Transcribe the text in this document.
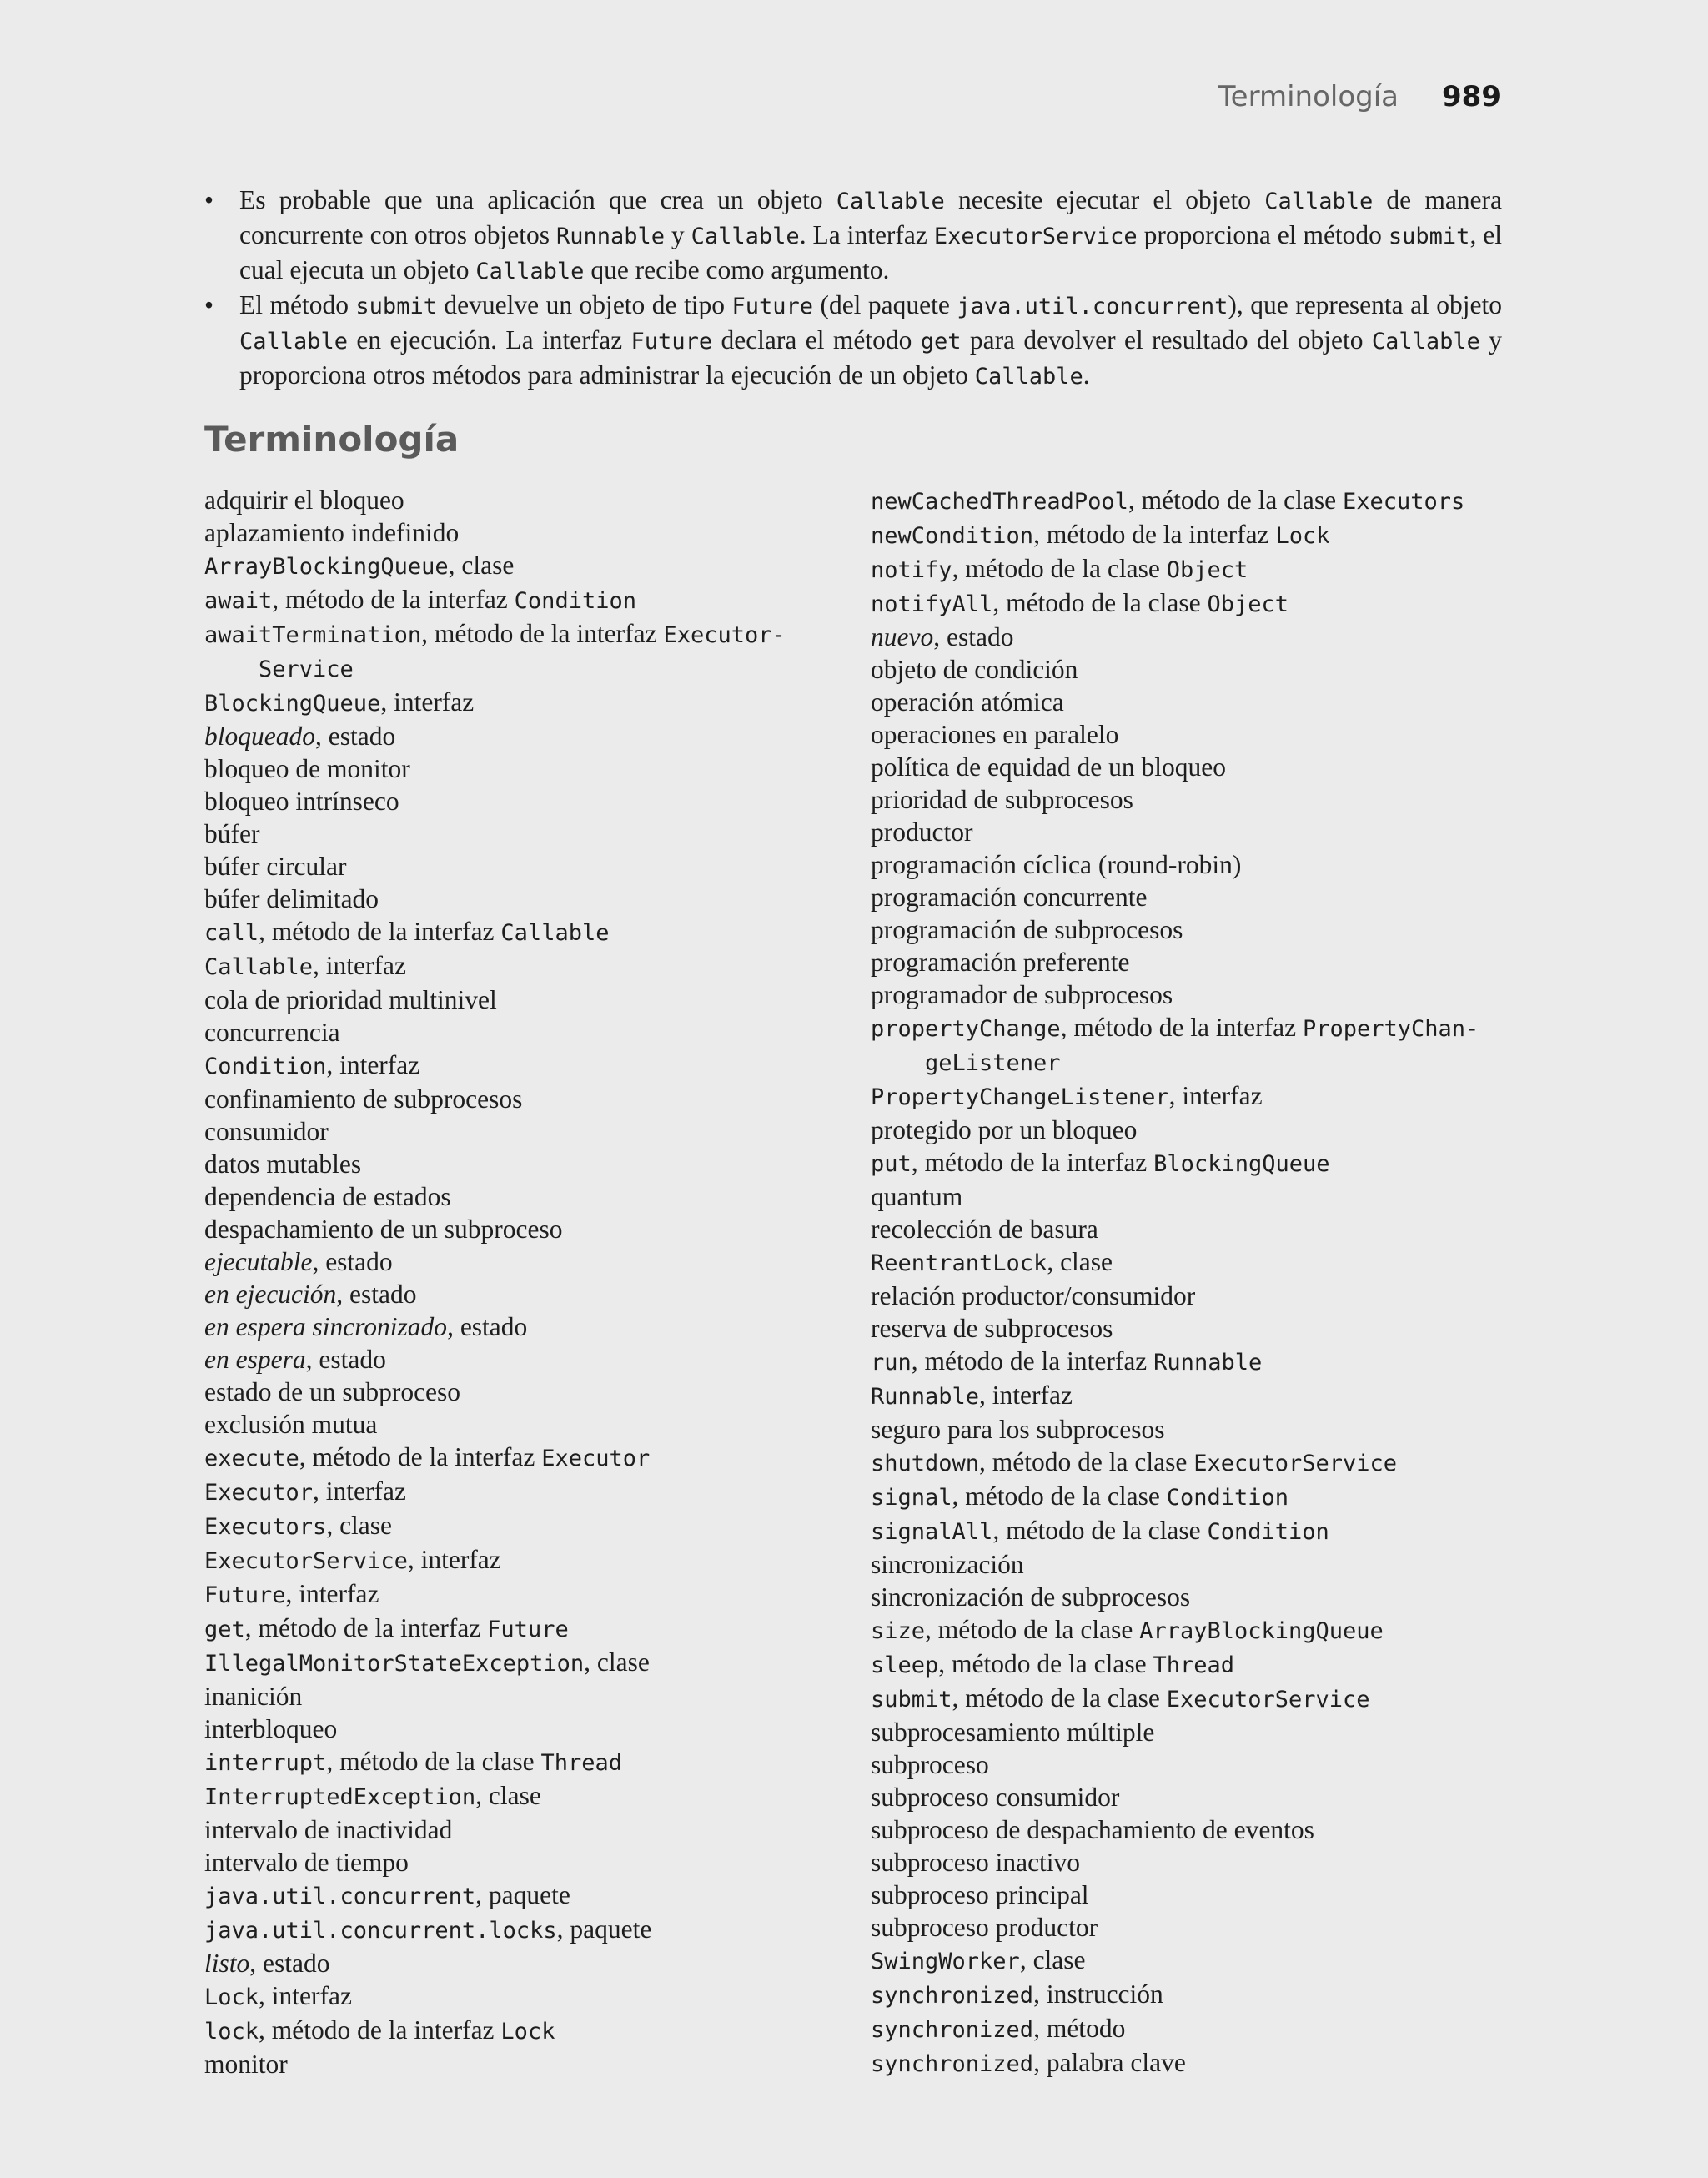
Terminología 989
• Es probable que una aplicación que crea un objeto Callable necesite ejecutar el objeto Callable de manera concurrente con otros objetos Runnable y Callable. La interfaz ExecutorService proporciona el método submit, el cual ejecuta un objeto Callable que recibe como argumento.
• El método submit devuelve un objeto de tipo Future (del paquete java.util.concurrent), que representa al objeto Callable en ejecución. La interfaz Future declara el método get para devolver el resultado del objeto Callable y proporciona otros métodos para administrar la ejecución de un objeto Callable.
Terminología
adquirir el bloqueo
aplazamiento indefinido
ArrayBlockingQueue, clase
await, método de la interfaz Condition
awaitTermination, método de la interfaz Executor-
Service
BlockingQueue, interfaz
bloqueado, estado
bloqueo de monitor
bloqueo intrínseco
búfer
búfer circular
búfer delimitado
call, método de la interfaz Callable
Callable, interfaz
cola de prioridad multinivel
concurrencia
Condition, interfaz
confinamiento de subprocesos
consumidor
datos mutables
dependencia de estados
despachamiento de un subproceso
ejecutable, estado
en ejecución, estado
en espera sincronizado, estado
en espera, estado
estado de un subproceso
exclusión mutua
execute, método de la interfaz Executor
Executor, interfaz
Executors, clase
ExecutorService, interfaz
Future, interfaz
get, método de la interfaz Future
IllegalMonitorStateException, clase
inanición
interbloqueo
interrupt, método de la clase Thread
InterruptedException, clase
intervalo de inactividad
intervalo de tiempo
java.util.concurrent, paquete
java.util.concurrent.locks, paquete
listo, estado
Lock, interfaz
lock, método de la interfaz Lock
monitor
newCachedThreadPool, método de la clase Executors
newCondition, método de la interfaz Lock
notify, método de la clase Object
notifyAll, método de la clase Object
nuevo, estado
objeto de condición
operación atómica
operaciones en paralelo
política de equidad de un bloqueo
prioridad de subprocesos
productor
programación cíclica (round-robin)
programación concurrente
programación de subprocesos
programación preferente
programador de subprocesos
propertyChange, método de la interfaz PropertyChan-
geListener
PropertyChangeListener, interfaz
protegido por un bloqueo
put, método de la interfaz BlockingQueue
quantum
recolección de basura
ReentrantLock, clase
relación productor/consumidor
reserva de subprocesos
run, método de la interfaz Runnable
Runnable, interfaz
seguro para los subprocesos
shutdown, método de la clase ExecutorService
signal, método de la clase Condition
signalAll, método de la clase Condition
sincronización
sincronización de subprocesos
size, método de la clase ArrayBlockingQueue
sleep, método de la clase Thread
submit, método de la clase ExecutorService
subprocesamiento múltiple
subproceso
subproceso consumidor
subproceso de despachamiento de eventos
subproceso inactivo
subproceso principal
subproceso productor
SwingWorker, clase
synchronized, instrucción
synchronized, método
synchronized, palabra clave
